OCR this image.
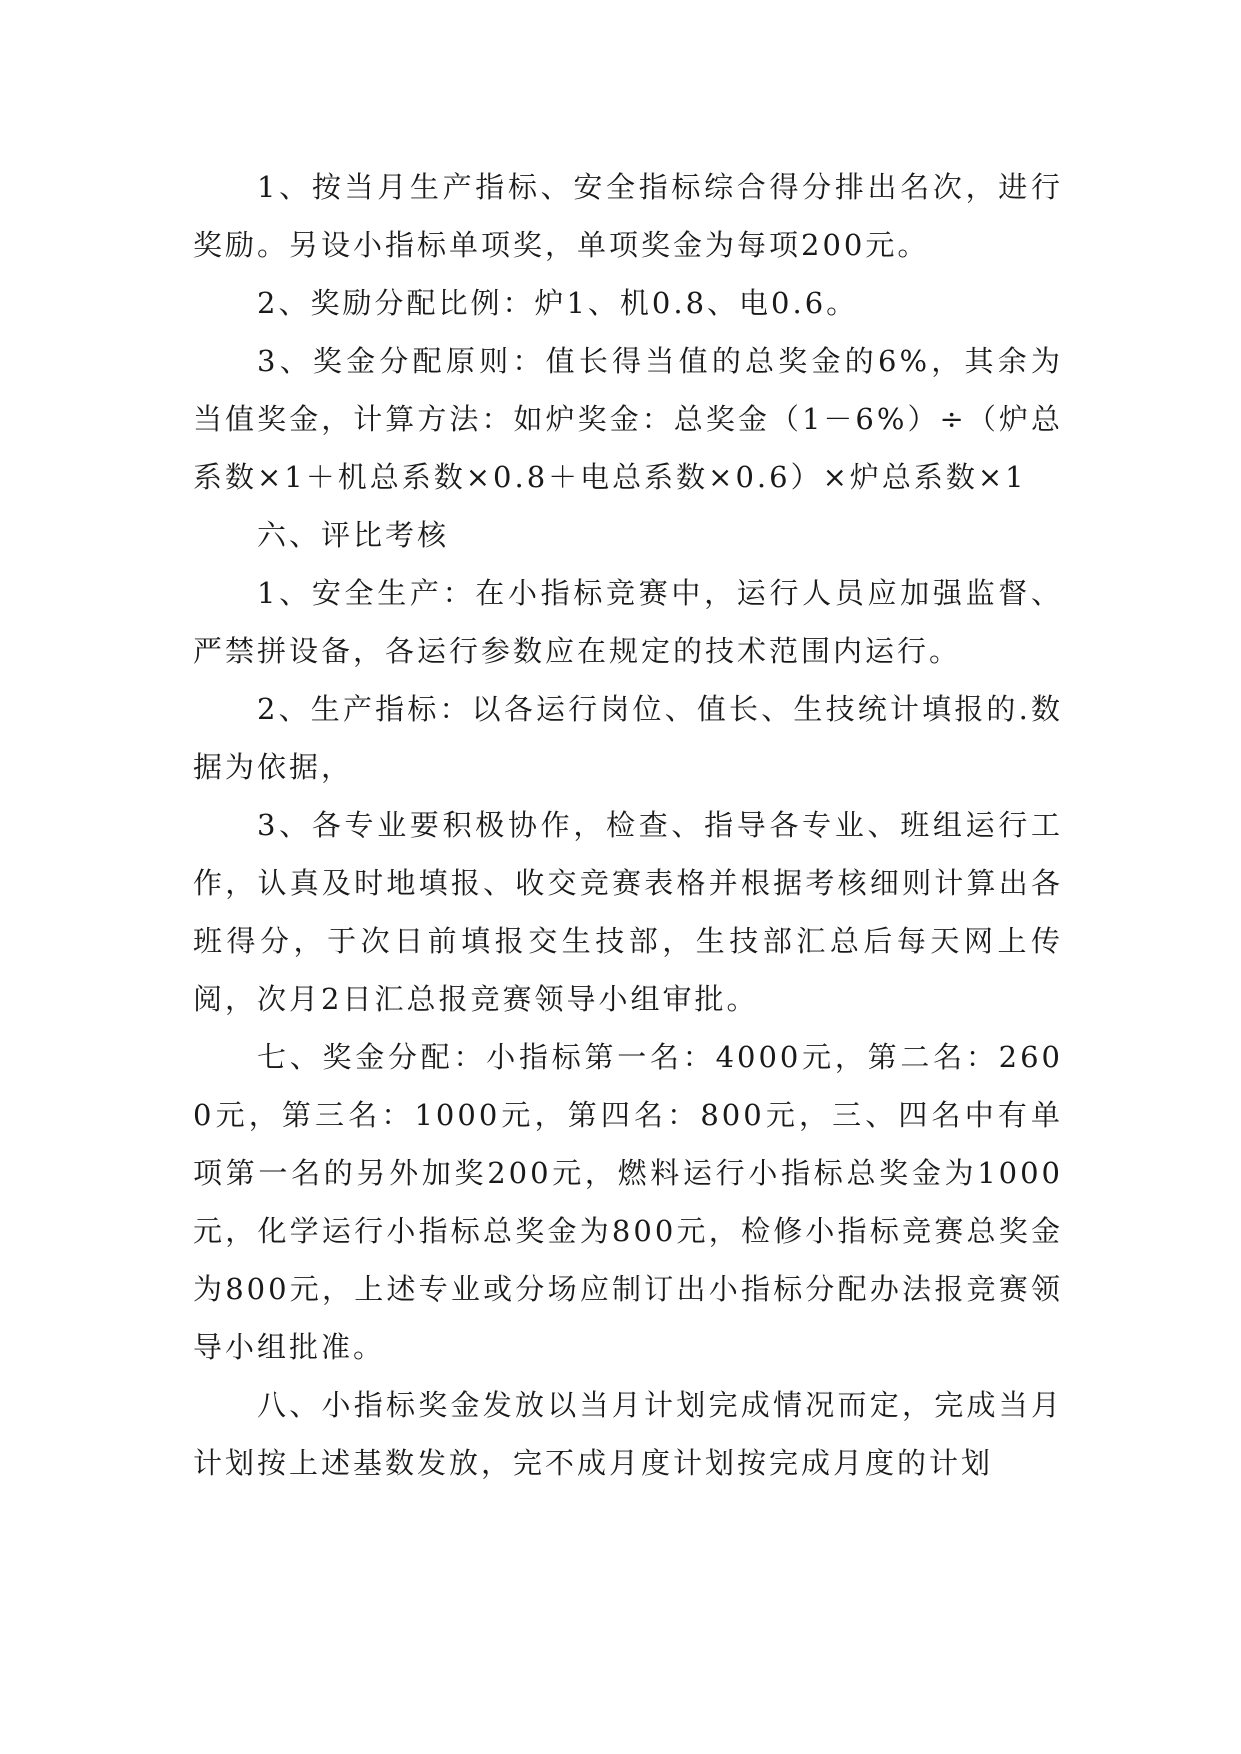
1、按当月生产指标、安全指标综合得分排出名次，进行奖励。另设小指标单项奖，单项奖金为每项200元。

2、奖励分配比例：炉1、机0.8、电0.6。

3、奖金分配原则：值长得当值的总奖金的6%，其余为当值奖金，计算方法：如炉奖金：总奖金（1－6%）÷（炉总系数×1＋机总系数×0.8＋电总系数×0.6）×炉总系数×1

六、评比考核

1、安全生产：在小指标竞赛中，运行人员应加强监督、严禁拼设备，各运行参数应在规定的技术范围内运行。

2、生产指标：以各运行岗位、值长、生技统计填报的.数据为依据，

3、各专业要积极协作，检查、指导各专业、班组运行工作，认真及时地填报、收交竞赛表格并根据考核细则计算出各班得分，于次日前填报交生技部，生技部汇总后每天网上传阅，次月2日汇总报竞赛领导小组审批。

七、奖金分配：小指标第一名：4000元，第二名：2600元，第三名：1000元，第四名：800元，三、四名中有单项第一名的另外加奖200元，燃料运行小指标总奖金为1000元，化学运行小指标总奖金为800元，检修小指标竞赛总奖金为800元，上述专业或分场应制订出小指标分配办法报竞赛领导小组批准。

八、小指标奖金发放以当月计划完成情况而定，完成当月计划按上述基数发放，完不成月度计划按完成月度的计划
